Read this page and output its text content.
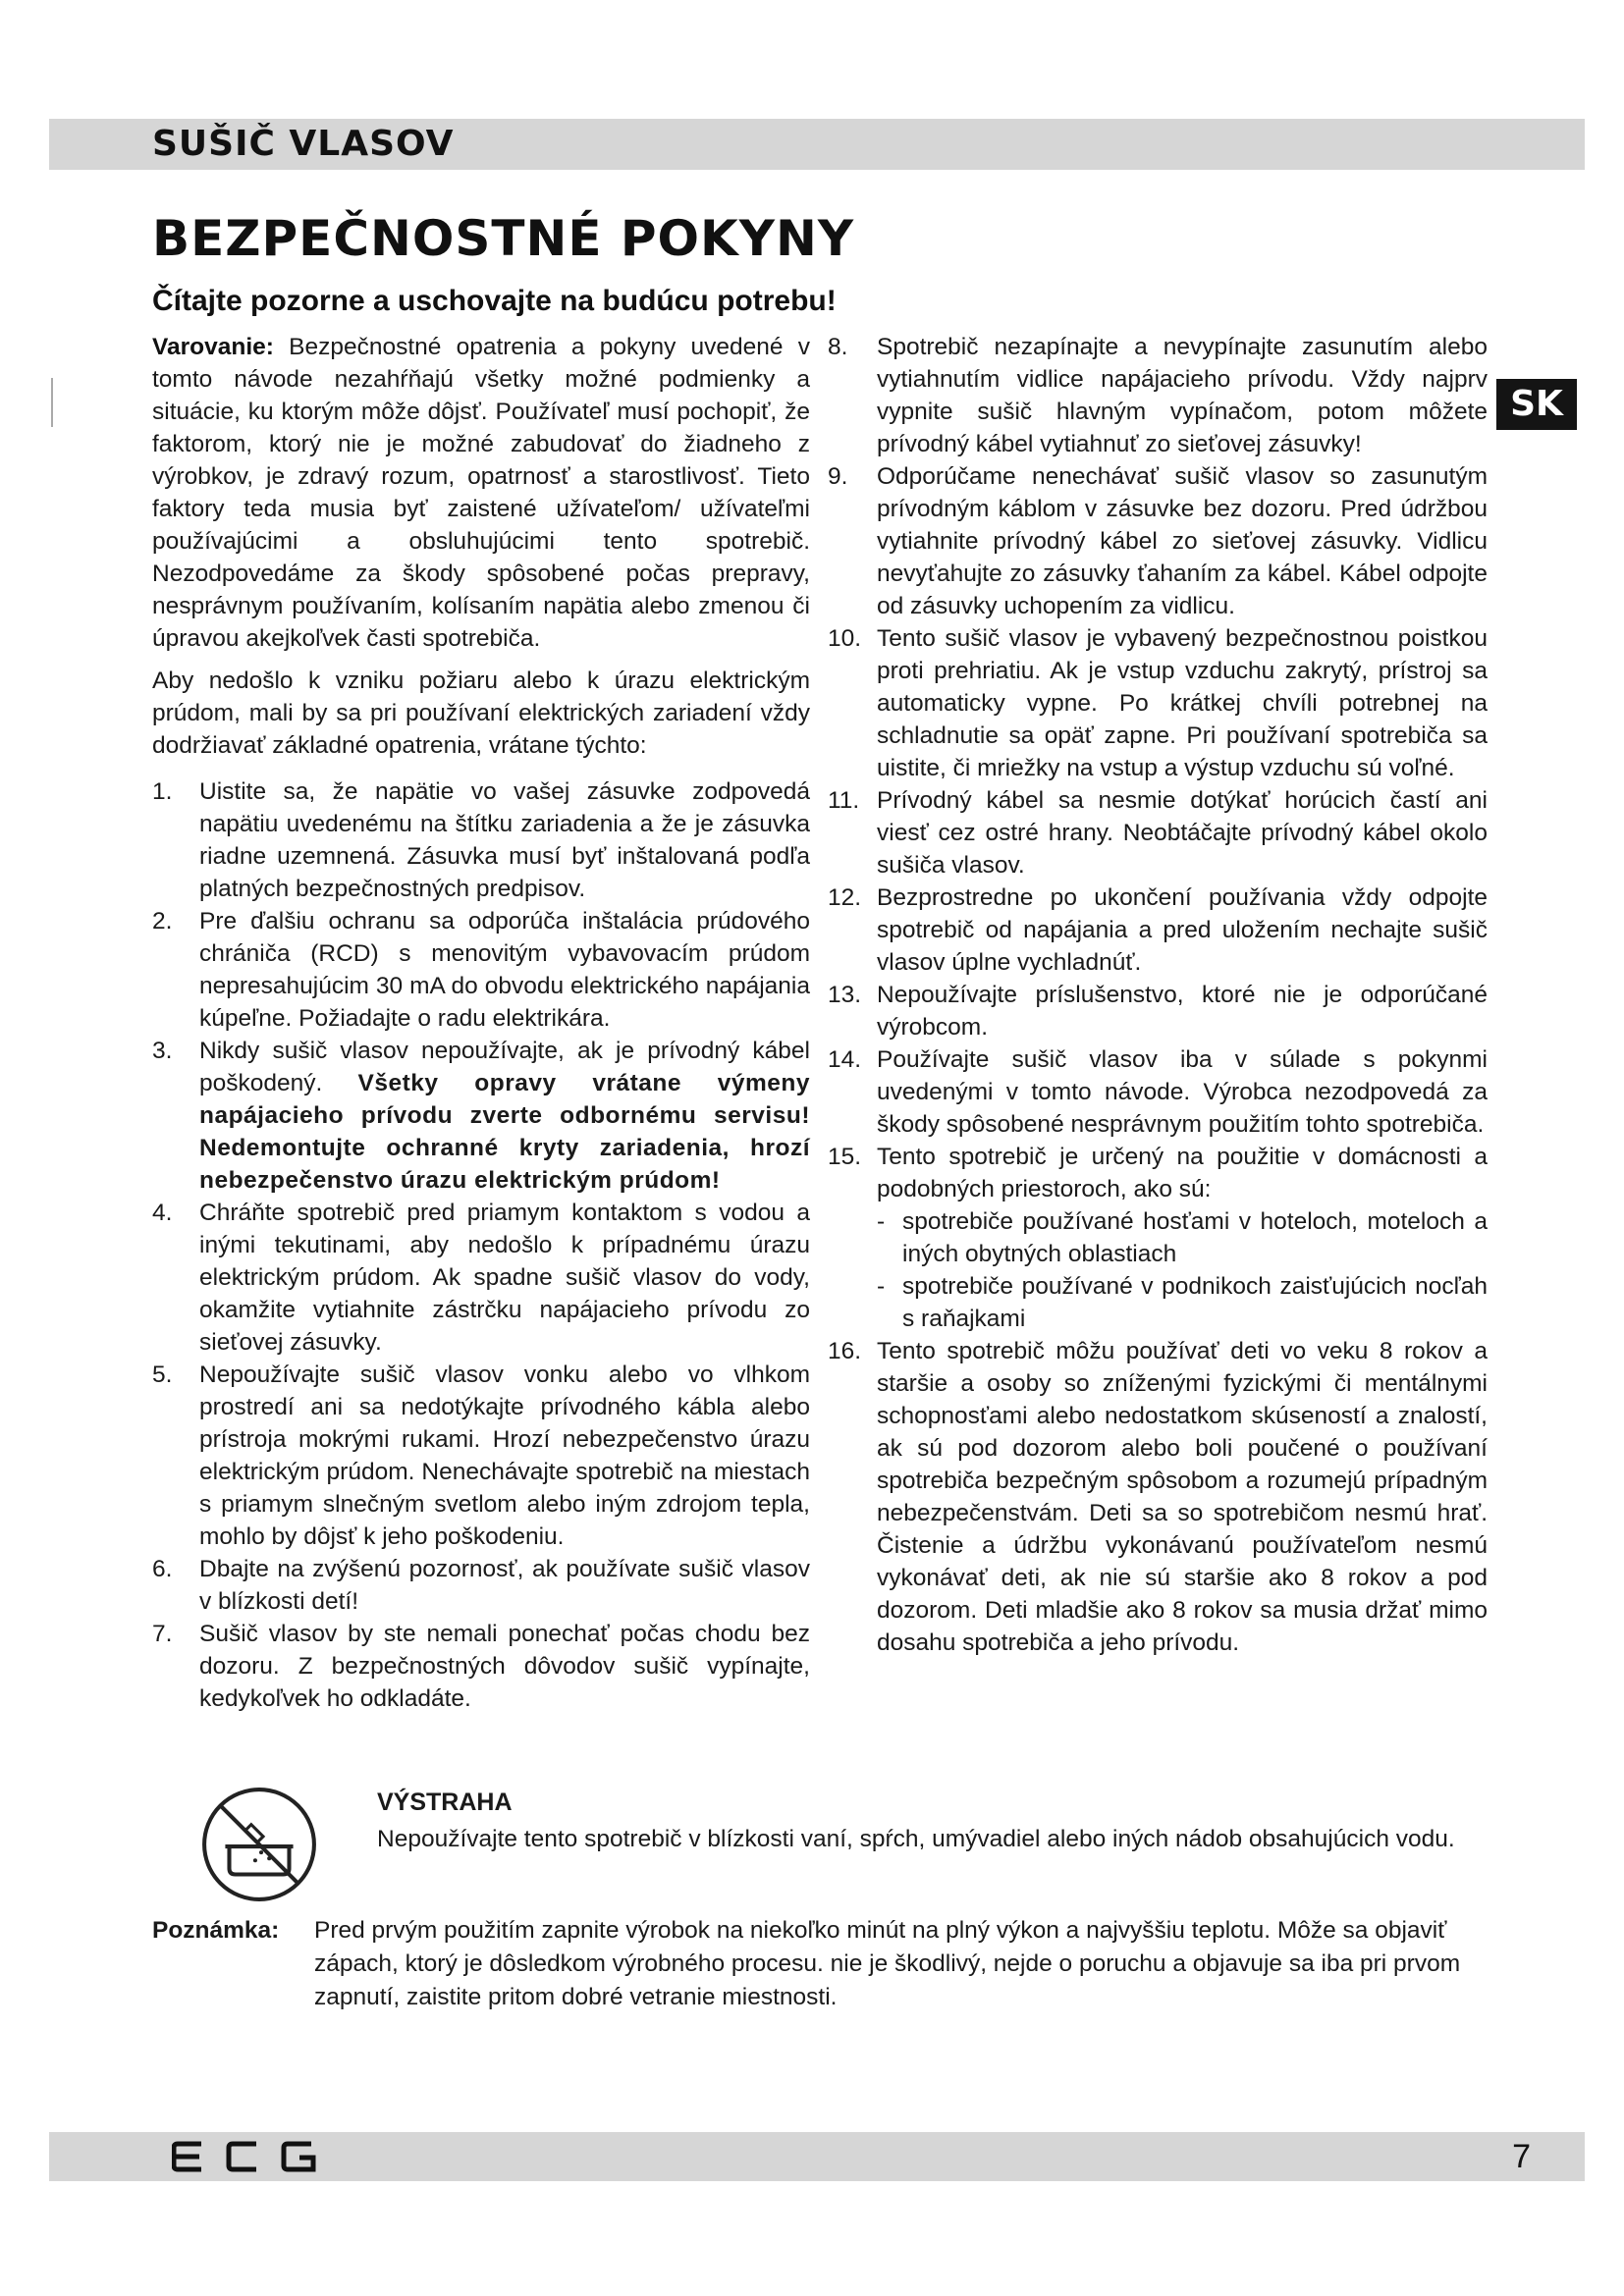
SUŠIČ VLASOV
BEZPEČNOSTNÉ POKYNY

Čítajte pozorne a uschovajte na budúcu potrebu!

SK

Varovanie: Bezpečnostné opatrenia a pokyny uvedené v tomto návode nezahŕňajú všetky možné podmienky a situácie, ku ktorým môže dôjsť. Používateľ musí pochopiť, že faktorom, ktorý nie je možné zabudovať do žiadneho z výrobkov, je zdravý rozum, opatrnosť a starostlivosť. Tieto faktory teda musia byť zaistené užívateľom/ užívateľmi používajúcimi a obsluhujúcimi tento spotrebič. Nezodpovedáme za škody spôsobené počas prepravy, nesprávnym používaním, kolísaním napätia alebo zmenou či úpravou akejkoľvek časti spotrebiča.

Aby nedošlo k vzniku požiaru alebo k úrazu elektrickým prúdom, mali by sa pri používaní elektrických zariadení vždy dodržiavať základné opatrenia, vrátane týchto:

1. Uistite sa, že napätie vo vašej zásuvke zodpovedá napätiu uvedenému na štítku zariadenia a že je zásuvka riadne uzemnená. Zásuvka musí byť inštalovaná podľa platných bezpečnostných predpisov.
2. Pre ďalšiu ochranu sa odporúča inštalácia prúdového chrániča (RCD) s menovitým vybavovacím prúdom nepresahujúcim 30 mA do obvodu elektrického napájania kúpeľne. Požiadajte o radu elektrikára.
3. Nikdy sušič vlasov nepoužívajte, ak je prívodný kábel poškodený. Všetky opravy vrátane výmeny napájacieho prívodu zverte odbornému servisu! Nedemontujte ochranné kryty zariadenia, hrozí nebezpečenstvo úrazu elektrickým prúdom!
4. Chráňte spotrebič pred priamym kontaktom s vodou a inými tekutinami, aby nedošlo k prípadnému úrazu elektrickým prúdom. Ak spadne sušič vlasov do vody, okamžite vytiahnite zástrčku napájacieho prívodu zo sieťovej zásuvky.
5. Nepoužívajte sušič vlasov vonku alebo vo vlhkom prostredí ani sa nedotýkajte prívodného kábla alebo prístroja mokrými rukami. Hrozí nebezpečenstvo úrazu elektrickým prúdom. Nenechávajte spotrebič na miestach s priamym slnečným svetlom alebo iným zdrojom tepla, mohlo by dôjsť k jeho poškodeniu.
6. Dbajte na zvýšenú pozornosť, ak používate sušič vlasov v blízkosti detí!
7. Sušič vlasov by ste nemali ponechať počas chodu bez dozoru. Z bezpečnostných dôvodov sušič vypínajte, kedykoľvek ho odkladáte.
8. Spotrebič nezapínajte a nevypínajte zasunutím alebo vytiahnutím vidlice napájacieho prívodu. Vždy najprv vypnite sušič hlavným vypínačom, potom môžete prívodný kábel vytiahnuť zo sieťovej zásuvky!
9. Odporúčame nenechávať sušič vlasov so zasunutým prívodným káblom v zásuvke bez dozoru. Pred údržbou vytiahnite prívodný kábel zo sieťovej zásuvky. Vidlicu nevyťahujte zo zásuvky ťahaním za kábel. Kábel odpojte od zásuvky uchopením za vidlicu.
10. Tento sušič vlasov je vybavený bezpečnostnou poistkou proti prehriatiu. Ak je vstup vzduchu zakrytý, prístroj sa automaticky vypne. Po krátkej chvíli potrebnej na schladnutie sa opäť zapne. Pri používaní spotrebiča sa uistite, či mriežky na vstup a výstup vzduchu sú voľné.
11. Prívodný kábel sa nesmie dotýkať horúcich častí ani viesť cez ostré hrany. Neobtáčajte prívodný kábel okolo sušiča vlasov.
12. Bezprostredne po ukončení používania vždy odpojte spotrebič od napájania a pred uložením nechajte sušič vlasov úplne vychladnúť.
13. Nepoužívajte príslušenstvo, ktoré nie je odporúčané výrobcom.
14. Používajte sušič vlasov iba v súlade s pokynmi uvedenými v tomto návode. Výrobca nezodpovedá za škody spôsobené nesprávnym použitím tohto spotrebiča.
15. Tento spotrebič je určený na použitie v domácnosti a podobných priestoroch, ako sú:
- spotrebiče používané hosťami v hoteloch, moteloch a iných obytných oblastiach
- spotrebiče používané v podnikoch zaisťujúcich nocľah s raňajkami
16. Tento spotrebič môžu používať deti vo veku 8 rokov a staršie a osoby so zníženými fyzickými či mentálnymi schopnosťami alebo nedostatkom skúseností a znalostí, ak sú pod dozorom alebo boli poučené o používaní spotrebiča bezpečným spôsobom a rozumejú prípadným nebezpečenstvám. Deti sa so spotrebičom nesmú hrať. Čistenie a údržbu vykonávanú používateľom nesmú vykonávať deti, ak nie sú staršie ako 8 rokov a pod dozorom. Deti mladšie ako 8 rokov sa musia držať mimo dosahu spotrebiča a jeho prívodu.

VÝSTRAHA

Nepoužívajte tento spotrebič v blízkosti vaní, spŕch, umývadiel alebo iných nádob obsahujúcich vodu.

Poznámka: Pred prvým použitím zapnite výrobok na niekoľko minút na plný výkon a najvyššiu teplotu. Môže sa objaviť zápach, ktorý je dôsledkom výrobného procesu. nie je škodlivý, nejde o poruchu a objavuje sa iba pri prvom zapnutí, zaistite pritom dobré vetranie miestnosti.
ECG	7
